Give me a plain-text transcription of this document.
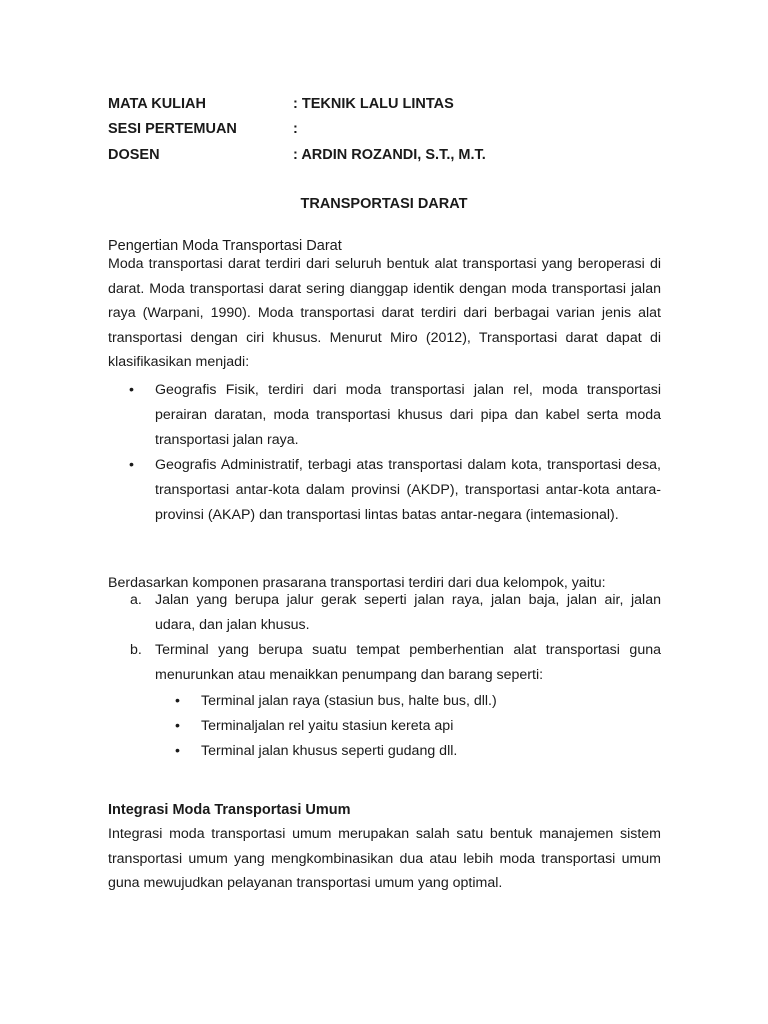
MATA KULIAH	: TEKNIK LALU LINTAS
SESI PERTEMUAN	:
DOSEN	: ARDIN ROZANDI, S.T., M.T.
TRANSPORTASI DARAT
Pengertian Moda Transportasi Darat

Moda transportasi darat terdiri dari seluruh bentuk alat transportasi yang beroperasi di darat. Moda transportasi darat sering dianggap identik dengan moda transportasi jalan raya (Warpani, 1990). Moda transportasi darat terdiri dari berbagai varian jenis alat transportasi dengan ciri khusus. Menurut Miro (2012), Transportasi darat dapat di klasifikasikan menjadi:

• Geografis Fisik, terdiri dari moda transportasi jalan rel, moda transportasi perairan daratan, moda transportasi khusus dari pipa dan kabel serta moda transportasi jalan raya.
• Geografis Administratif, terbagi atas transportasi dalam kota, transportasi desa, transportasi antar-kota dalam provinsi (AKDP), transportasi antar-kota antara-provinsi (AKAP) dan transportasi lintas batas antar-negara (intemasional).

Berdasarkan komponen prasarana transportasi terdiri dari dua kelompok, yaitu:

a. Jalan yang berupa jalur gerak seperti jalan raya, jalan baja, jalan air, jalan udara, dan jalan khusus.
b. Terminal yang berupa suatu tempat pemberhentian alat transportasi guna menurunkan atau menaikkan penumpang dan barang seperti:
• Terminal jalan raya (stasiun bus, halte bus, dll.)
• Terminaljalan rel yaitu stasiun kereta api
• Terminal jalan khusus seperti gudang dll.
Integrasi Moda Transportasi Umum

Integrasi moda transportasi umum merupakan salah satu bentuk manajemen sistem transportasi umum yang mengkombinasikan dua atau lebih moda transportasi umum guna mewujudkan pelayanan transportasi umum yang optimal.
